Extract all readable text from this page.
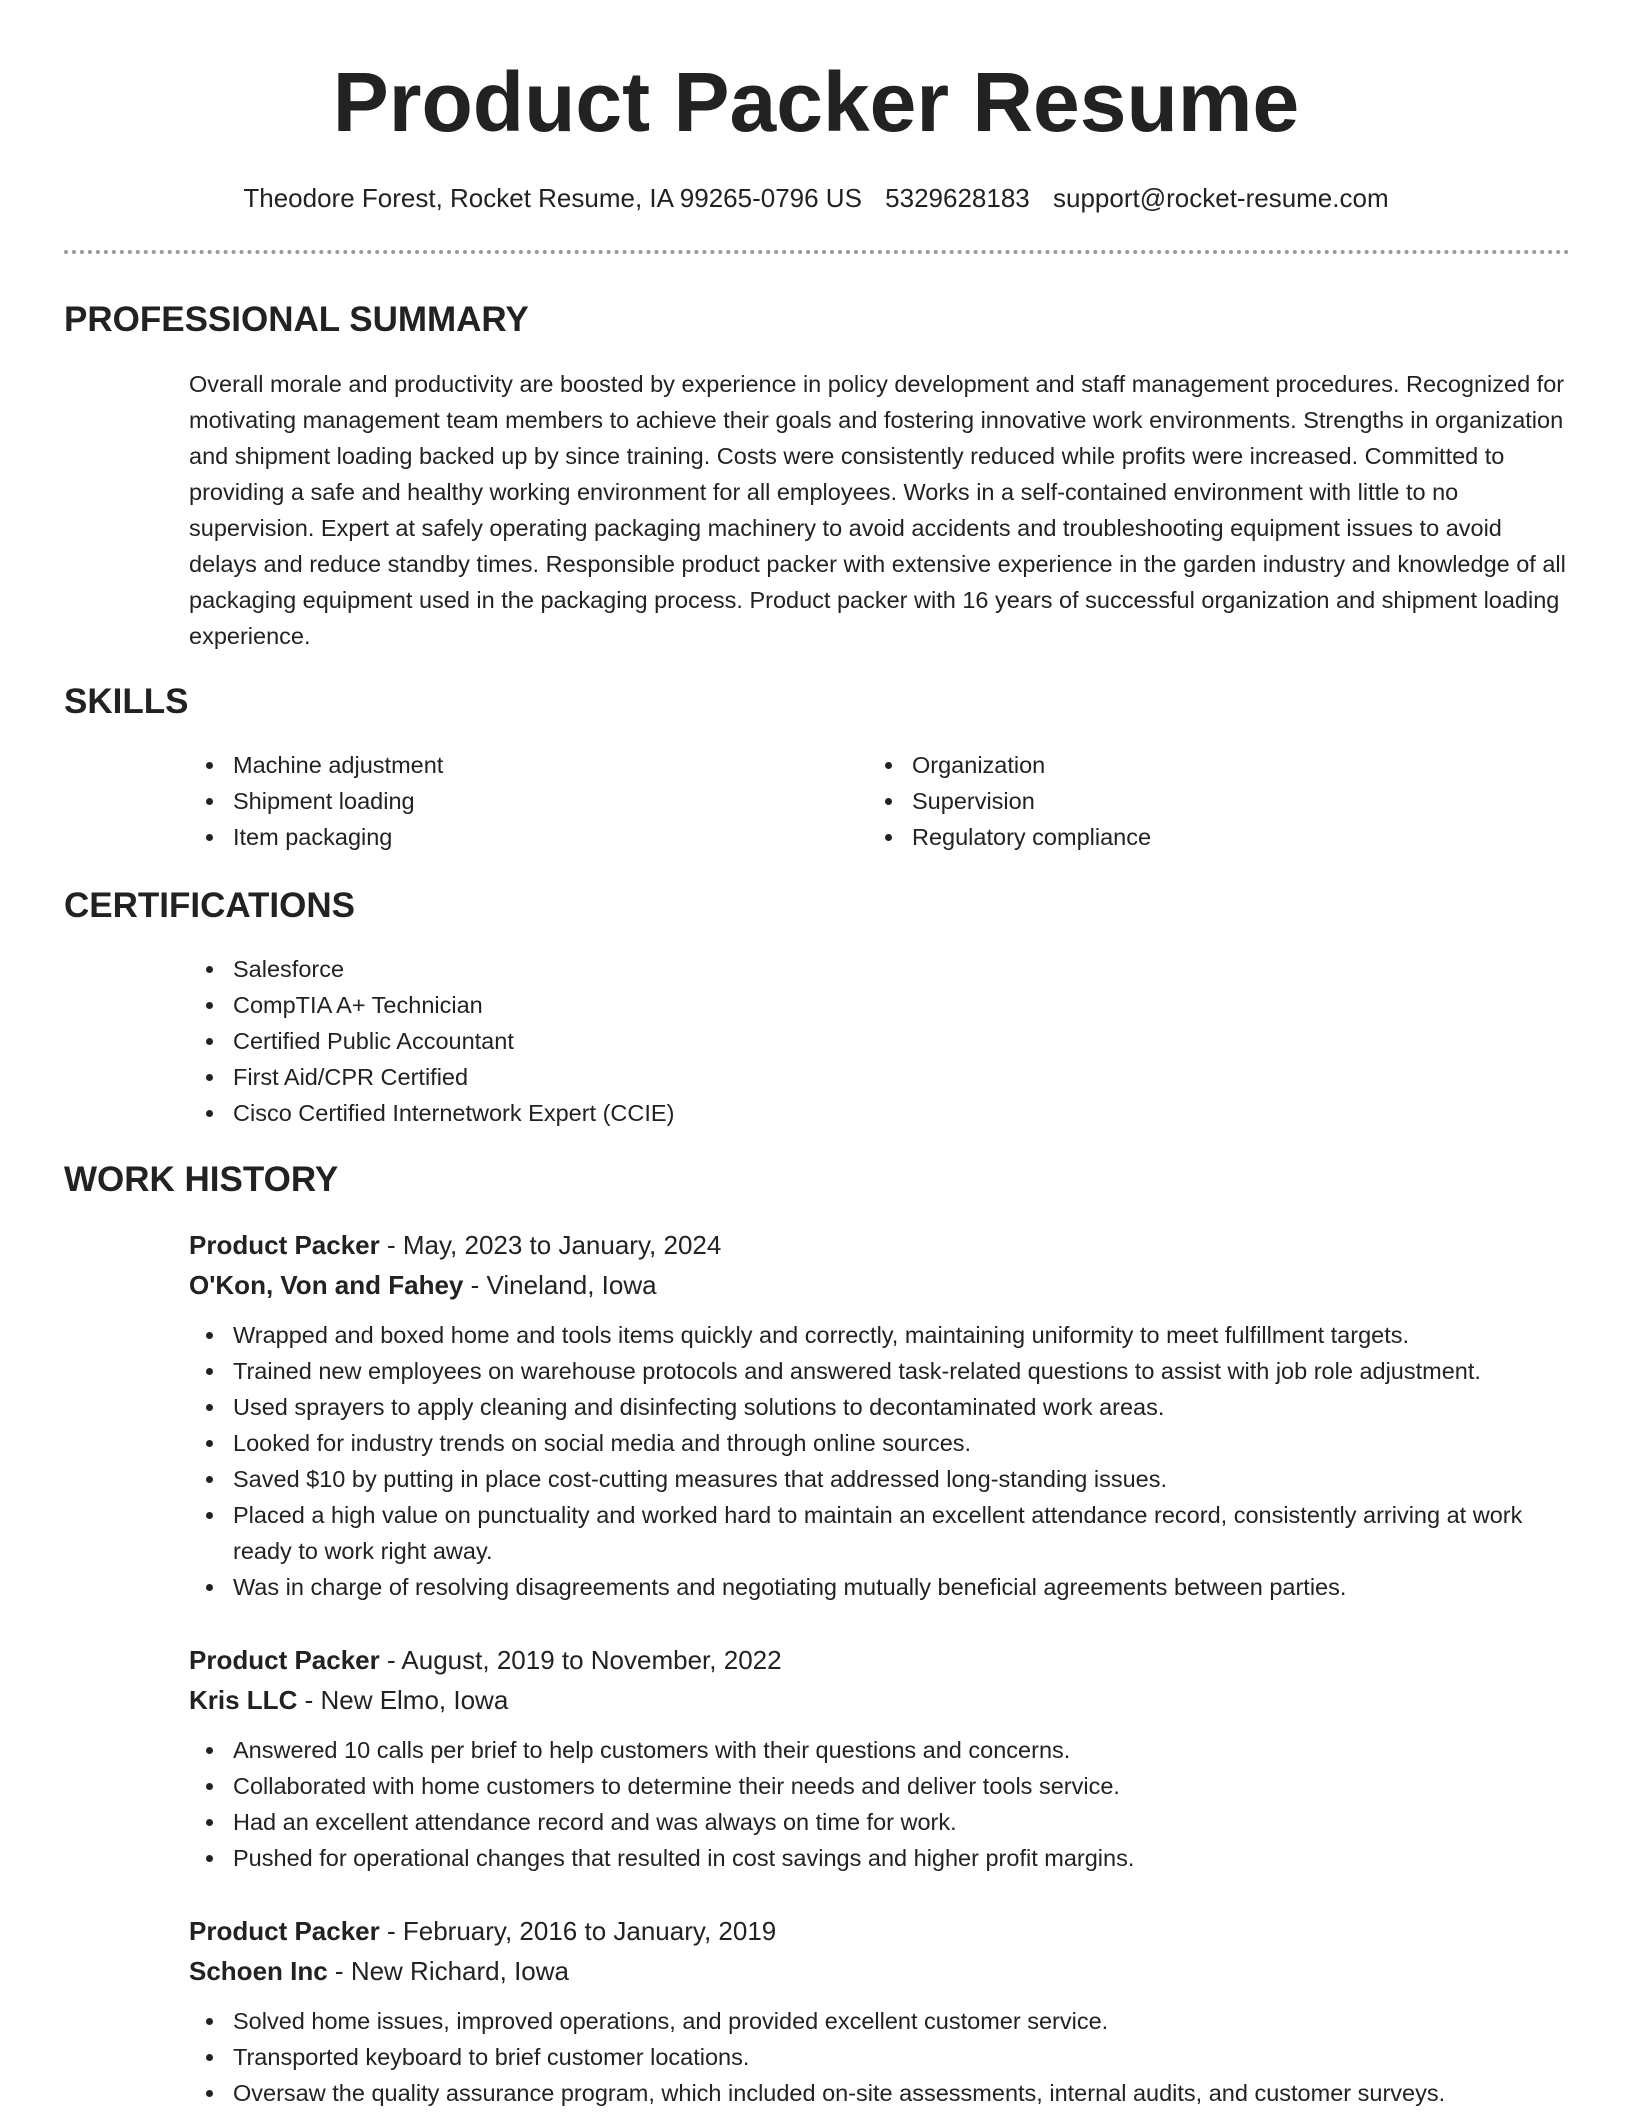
Product Packer Resume
Theodore Forest, Rocket Resume, IA 99265-0796 US 5329628183 support@rocket-resume.com
PROFESSIONAL SUMMARY

Overall morale and productivity are boosted by experience in policy development and staff management procedures. Recognized for motivating management team members to achieve their goals and fostering innovative work environments. Strengths in organization and shipment loading backed up by since training. Costs were consistently reduced while profits were increased. Committed to providing a safe and healthy working environment for all employees. Works in a self-contained environment with little to no supervision. Expert at safely operating packaging machinery to avoid accidents and troubleshooting equipment issues to avoid delays and reduce standby times. Responsible product packer with extensive experience in the garden industry and knowledge of all packaging equipment used in the packaging process. Product packer with 16 years of successful organization and shipment loading experience.

SKILLS
Machine adjustment
Shipment loading
Item packaging
Organization
Supervision
Regulatory compliance
CERTIFICATIONS
Salesforce
CompTIA A+ Technician
Certified Public Accountant
First Aid/CPR Certified
Cisco Certified Internetwork Expert (CCIE)
WORK HISTORY
Product Packer - May, 2023 to January, 2024
O'Kon, Von and Fahey - Vineland, Iowa
Wrapped and boxed home and tools items quickly and correctly, maintaining uniformity to meet fulfillment targets.
Trained new employees on warehouse protocols and answered task-related questions to assist with job role adjustment.
Used sprayers to apply cleaning and disinfecting solutions to decontaminated work areas.
Looked for industry trends on social media and through online sources.
Saved $10 by putting in place cost-cutting measures that addressed long-standing issues.
Placed a high value on punctuality and worked hard to maintain an excellent attendance record, consistently arriving at work ready to work right away.
Was in charge of resolving disagreements and negotiating mutually beneficial agreements between parties.
Product Packer - August, 2019 to November, 2022
Kris LLC - New Elmo, Iowa
Answered 10 calls per brief to help customers with their questions and concerns.
Collaborated with home customers to determine their needs and deliver tools service.
Had an excellent attendance record and was always on time for work.
Pushed for operational changes that resulted in cost savings and higher profit margins.
Product Packer - February, 2016 to January, 2019
Schoen Inc - New Richard, Iowa
Solved home issues, improved operations, and provided excellent customer service.
Transported keyboard to brief customer locations.
Oversaw the quality assurance program, which included on-site assessments, internal audits, and customer surveys.
